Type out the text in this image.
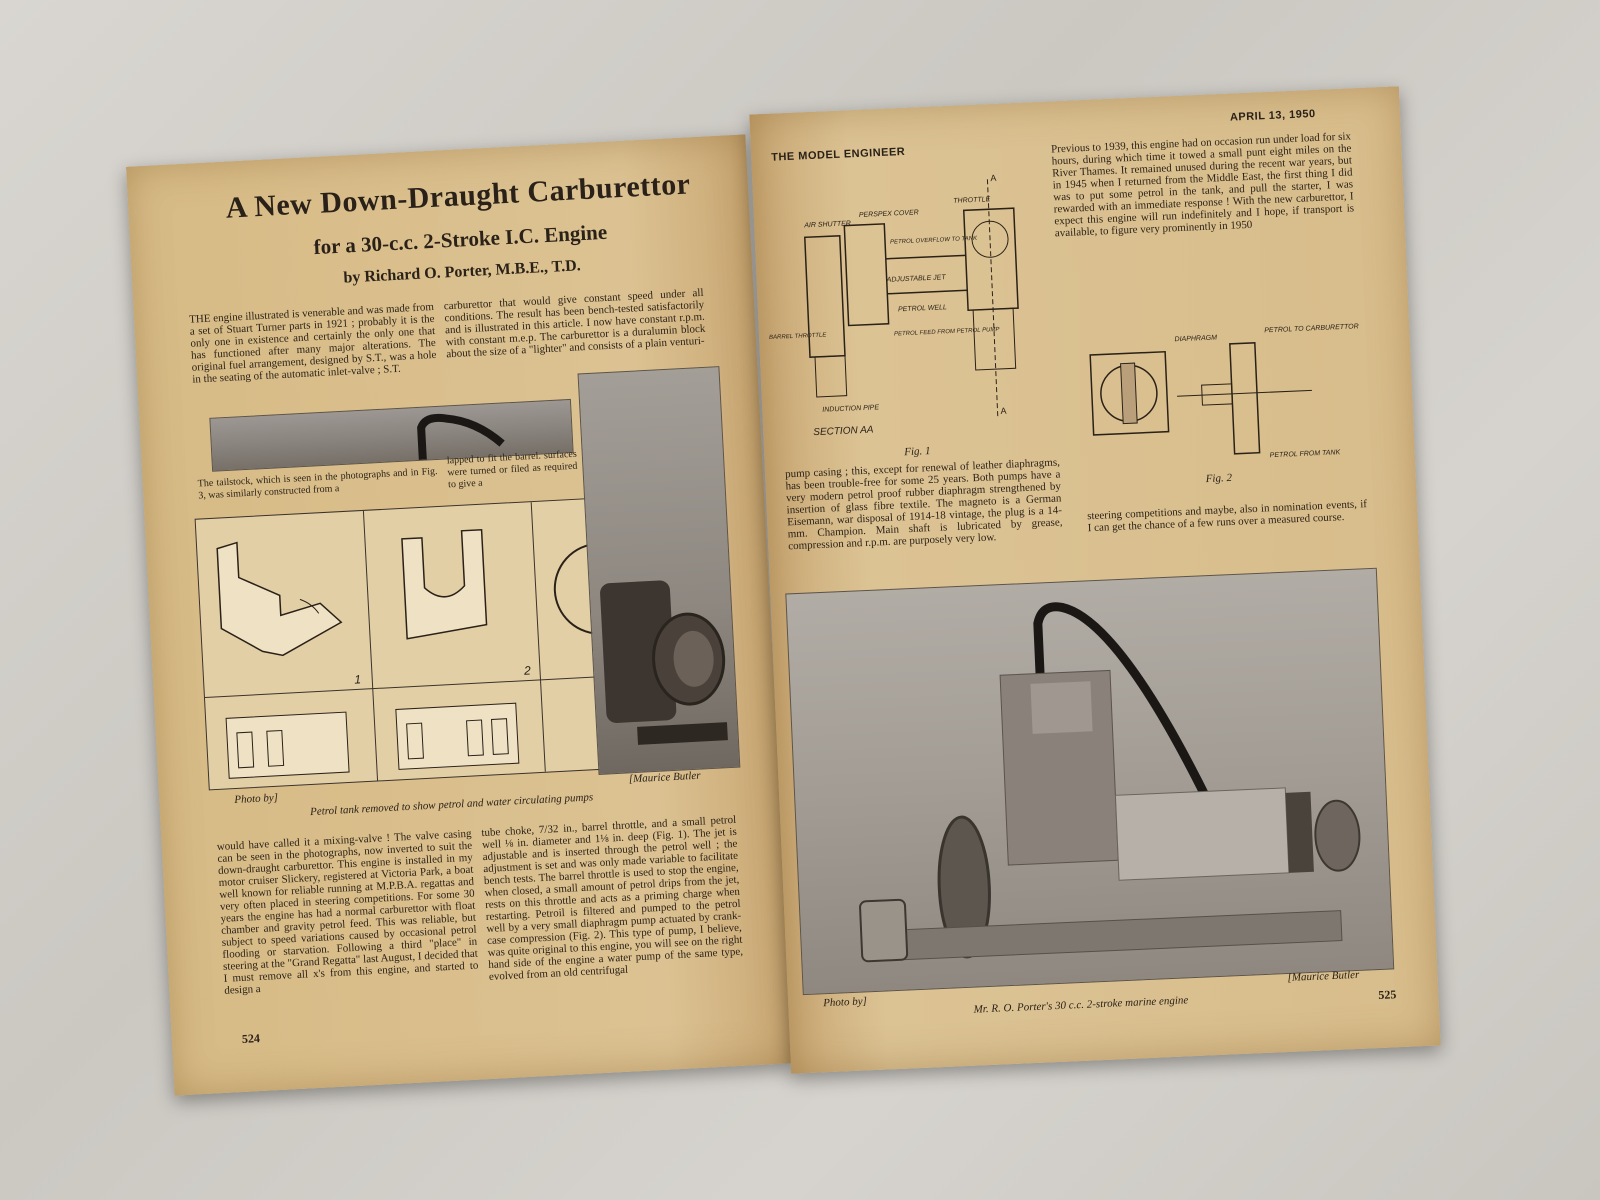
A New Down-Draught Carburettor
for a 30-c.c. 2-Stroke I.C. Engine
by Richard O. Porter, M.B.E., T.D.
THE engine illustrated is venerable and was made from a set of Stuart Turner parts in 1921 ; probably it is the only one in existence and certainly the only one that has functioned after many major alterations. The original fuel arrangement, designed by S.T., was a hole in the seating of the automatic inlet-valve ; S.T.
carburettor that would give constant speed under all conditions. The result has been bench-tested satisfactorily and is illustrated in this article. I now have constant r.p.m. with constant m.e.p. The carburettor is a duralumin block about the size of a "lighter" and consists of a plain venturi-
The tailstock, which is seen in the photographs and in Fig. 3, was similarly constructed from a
lapped to fit the barrel. surfaces were turned or filed as required to give a
1
2
Photo by]
[Maurice Butler
Petrol tank removed to show petrol and water circulating pumps
would have called it a mixing-valve ! The valve casing can be seen in the photographs, now inverted to suit the down-draught carburettor. This engine is installed in my motor cruiser Slickery, registered at Victoria Park, a boat well known for reliable running at M.P.B.A. regattas and very often placed in steering competitions. For some 30 years the engine has had a normal carburettor with float chamber and gravity petrol feed. This was reliable, but subject to speed variations caused by occasional petrol flooding or starvation. Following a third "place" in steering at the "Grand Regatta" last August, I decided that I must remove all x's from this engine, and started to design a
tube choke, 7/32 in., barrel throttle, and a small petrol well ⅛ in. diameter and 1⅛ in. deep (Fig. 1). The jet is adjustable and is inserted through the petrol well ; the adjustment is set and was only made variable to facilitate bench tests. The barrel throttle is used to stop the engine, when closed, a small amount of petrol drips from the jet, rests on this throttle and acts as a priming charge when restarting. Petroil is filtered and pumped to the petrol well by a very small diaphragm pump actuated by crank-case compression (Fig. 2). This type of pump, I believe, was quite original to this engine, you will see on the right hand side of the engine a water pump of the same type, evolved from an old centrifugal
524
THE MODEL ENGINEER
APRIL 13, 1950
Previous to 1939, this engine had on occasion run under load for six hours, during which time it towed a small punt eight miles on the River Thames. It remained unused during the recent war years, but in 1945 when I returned from the Middle East, the first thing I did was to put some petrol in the tank, and pull the starter, I was rewarded with an immediate response ! With the new carburettor, I expect this engine will run indefinitely and I hope, if transport is available, to figure very prominently in 1950
A
A
AIR SHUTTER
PERSPEX COVER
THROTTLE
PETROL OVERFLOW TO TANK
ADJUSTABLE JET
PETROL WELL
BARREL THROTTLE	PETROL FEED FROM PETROL PUMP
INDUCTION PIPE
SECTION AA
Fig. 1
DIAPHRAGM
PETROL TO CARBURETTOR
PETROL FROM TANK
Fig. 2
pump casing ; this, except for renewal of leather diaphragms, has been trouble-free for some 25 years. Both pumps have a very modern petrol proof rubber diaphragm strengthened by insertion of glass fibre textile. The magneto is a German Eisemann, war disposal of 1914-18 vintage, the plug is a 14-mm. Champion. Main shaft is lubricated by grease, compression and r.p.m. are purposely very low.
steering competitions and maybe, also in nomination events, if I can get the chance of a few runs over a measured course.
Photo by]
[Maurice Butler
Mr. R. O. Porter's 30 c.c. 2-stroke marine engine	525
